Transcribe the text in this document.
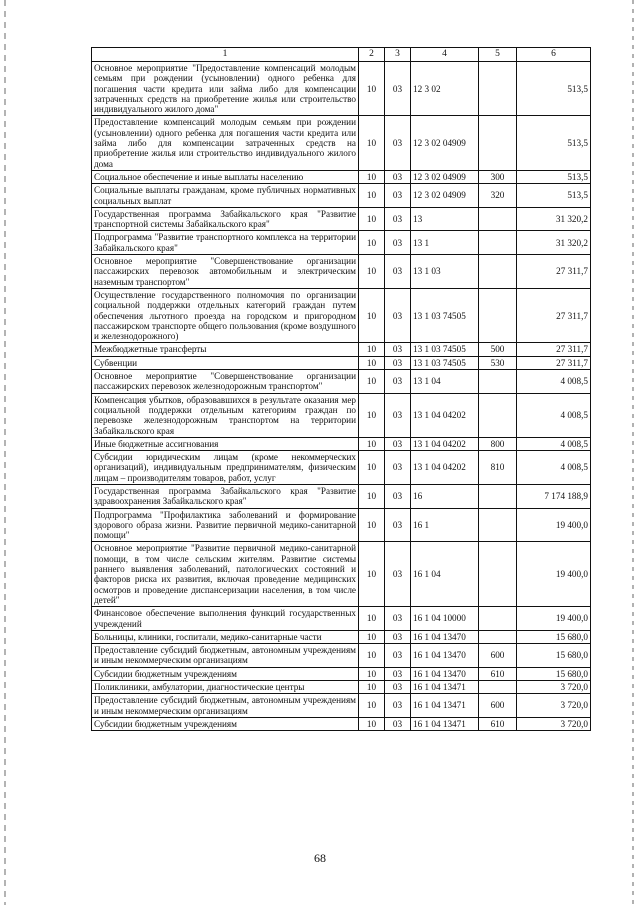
1	2	3	4	5	6
Основное мероприятие "Предоставление компенсаций молодым семьям при рождении (усыновлении) одного ребенка для погашения части кредита или займа либо для компенсации затраченных средств на приобретение жилья или строительство индивидуального жилого дома"	10	03	12 3 02		513,5
Предоставление компенсаций молодым семьям при рождении (усыновлении) одного ребенка для погашения части кредита или займа либо для компенсации затраченных средств на приобретение жилья или строительство индивидуального жилого дома	10	03	12 3 02 04909		513,5
Социальное обеспечение и иные выплаты населению	10	03	12 3 02 04909	300	513,5
Социальные выплаты гражданам, кроме публичных нормативных социальных выплат	10	03	12 3 02 04909	320	513,5
Государственная программа Забайкальского края "Развитие транспортной системы Забайкальского края"	10	03	13		31 320,2
Подпрограмма "Развитие транспортного комплекса на территории Забайкальского края"	10	03	13 1		31 320,2
Основное мероприятие "Совершенствование организации пассажирских перевозок автомобильным и электрическим наземным транспортом"	10	03	13 1 03		27 311,7
Осуществление государственного полномочия по организации социальной поддержки отдельных категорий граждан путем обеспечения льготного проезда на городском и пригородном пассажирском транспорте общего пользования (кроме воздушного и железнодорожного)	10	03	13 1 03 74505		27 311,7
Межбюджетные трансферты	10	03	13 1 03 74505	500	27 311,7
Субвенции	10	03	13 1 03 74505	530	27 311,7
Основное мероприятие "Совершенствование организации пассажирских перевозок железнодорожным транспортом"	10	03	13 1 04		4 008,5
Компенсация убытков, образовавшихся в результате оказания мер социальной поддержки отдельным категориям граждан по перевозке железнодорожным транспортом на территории Забайкальского края	10	03	13 1 04 04202		4 008,5
Иные бюджетные ассигнования	10	03	13 1 04 04202	800	4 008,5
Субсидии юридическим лицам (кроме некоммерческих организаций), индивидуальным предпринимателям, физическим лицам – производителям товаров, работ, услуг	10	03	13 1 04 04202	810	4 008,5
Государственная программа Забайкальского края "Развитие здравоохранения Забайкальского края"	10	03	16		7 174 188,9
Подпрограмма "Профилактика заболеваний и формирование здорового образа жизни. Развитие первичной медико-санитарной помощи"	10	03	16 1		19 400,0
Основное мероприятие "Развитие первичной медико-санитарной помощи, в том числе сельским жителям. Развитие системы раннего выявления заболеваний, патологических состояний и факторов риска их развития, включая проведение медицинских осмотров и проведение диспансеризации населения, в том числе детей"	10	03	16 1 04		19 400,0
Финансовое обеспечение выполнения функций государственных учреждений	10	03	16 1 04 10000		19 400,0
Больницы, клиники, госпитали, медико-санитарные части	10	03	16 1 04 13470		15 680,0
Предоставление субсидий бюджетным, автономным учреждениям и иным некоммерческим организациям	10	03	16 1 04 13470	600	15 680,0
Субсидии бюджетным учреждениям	10	03	16 1 04 13470	610	15 680,0
Поликлиники, амбулатории, диагностические центры	10	03	16 1 04 13471		3 720,0
Предоставление субсидий бюджетным, автономным учреждениям и иным некоммерческим организациям	10	03	16 1 04 13471	600	3 720,0
Субсидии бюджетным учреждениям	10	03	16 1 04 13471	610	3 720,0
68
